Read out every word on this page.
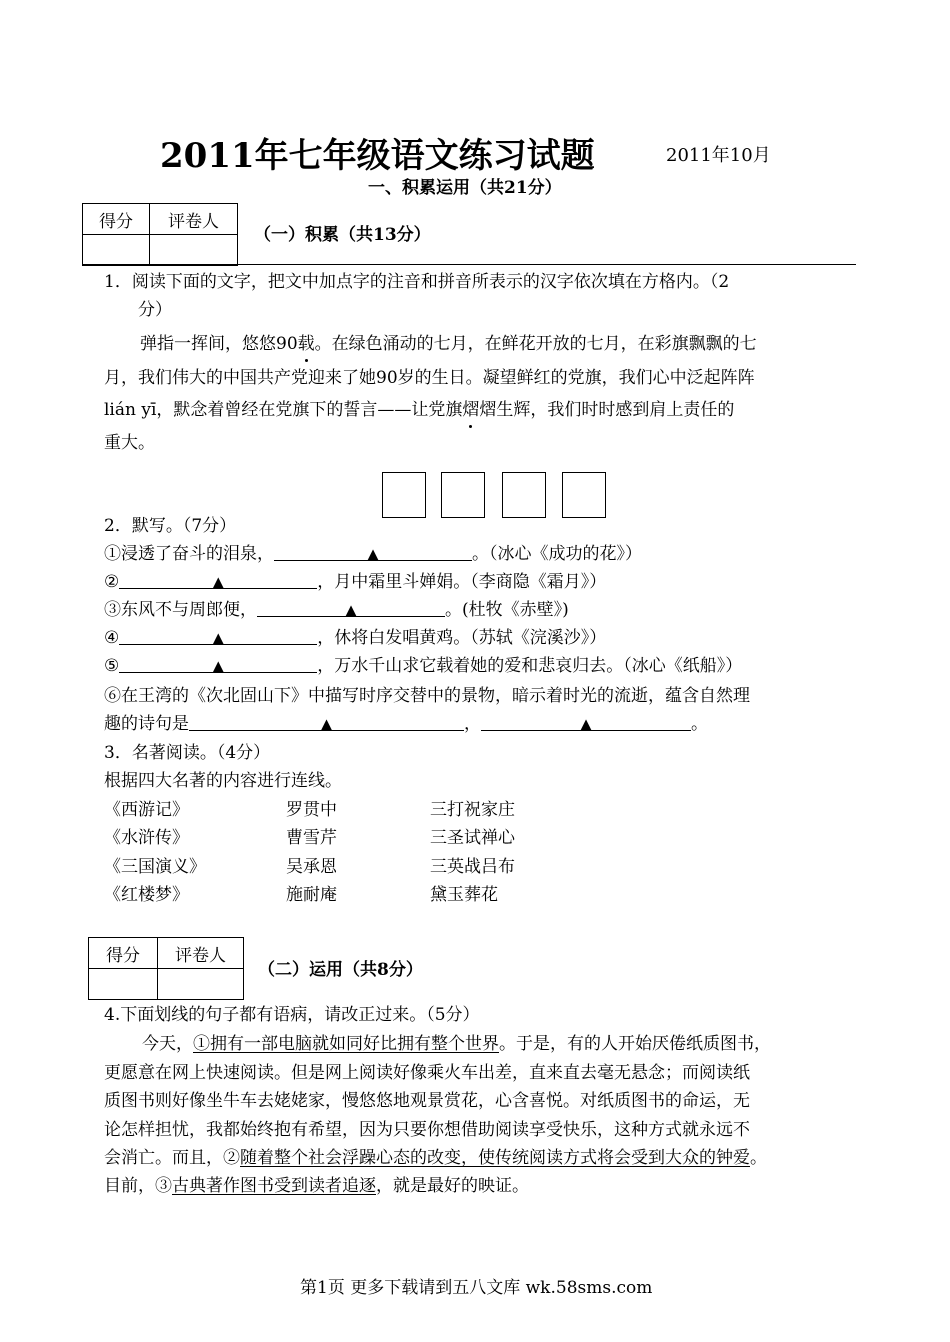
2011年七年级语文练习试题	2011年10月
一、积累运用（共21分）
得分	评卷人

（一）积累（共13分）
1．阅读下面的文字，把文中加点字的注音和拼音所表示的汉字依次填在方格内。（2
分）
弹指一挥间，悠悠90载。在绿色涌动的七月，在鲜花开放的七月，在彩旗飘飘的七
月，我们伟大的中国共产党迎来了她90岁的生日。凝望鲜红的党旗，我们心中泛起阵阵
lián yī，默念着曾经在党旗下的誓言——让党旗熠熠生辉，我们时时感到肩上责任的
重大。
2．默写。（7分）
①浸透了奋斗的泪泉，	▲	。（冰心《成功的花》）
②	▲	，月中霜里斗婵娟。（李商隐《霜月》）
③东风不与周郎便，	▲	。(杜牧《赤壁》)
④	▲	，休将白发唱黄鸡。（苏轼《浣溪沙》）
⑤	▲	，万水千山求它载着她的爱和悲哀归去。（冰心《纸船》）
⑥在王湾的《次北固山下》中描写时序交替中的景物，暗示着时光的流逝，蕴含自然理
趣的诗句是	▲	，	▲	。
3．名著阅读。（4分）
根据四大名著的内容进行连线。
《西游记》	罗贯中	三打祝家庄
《水浒传》	曹雪芹	三圣试禅心
《三国演义》	吴承恩	三英战吕布
《红楼梦》	施耐庵	黛玉葬花
得分	评卷人

（二）运用（共8分）
4.下面划线的句子都有语病，请改正过来。（5分）
今天，①拥有一部电脑就如同好比拥有整个世界。于是，有的人开始厌倦纸质图书，
更愿意在网上快速阅读。但是网上阅读好像乘火车出差，直来直去毫无悬念；而阅读纸
质图书则好像坐牛车去姥姥家，慢悠悠地观景赏花，心含喜悦。对纸质图书的命运，无
论怎样担忧，我都始终抱有希望，因为只要你想借助阅读享受快乐，这种方式就永远不
会消亡。而且，②随着整个社会浮躁心态的改变，使传统阅读方式将会受到大众的钟爱。
目前，③古典著作图书受到读者追逐，就是最好的映证。
第1页 更多下载请到五八文库 wk.58sms.com
